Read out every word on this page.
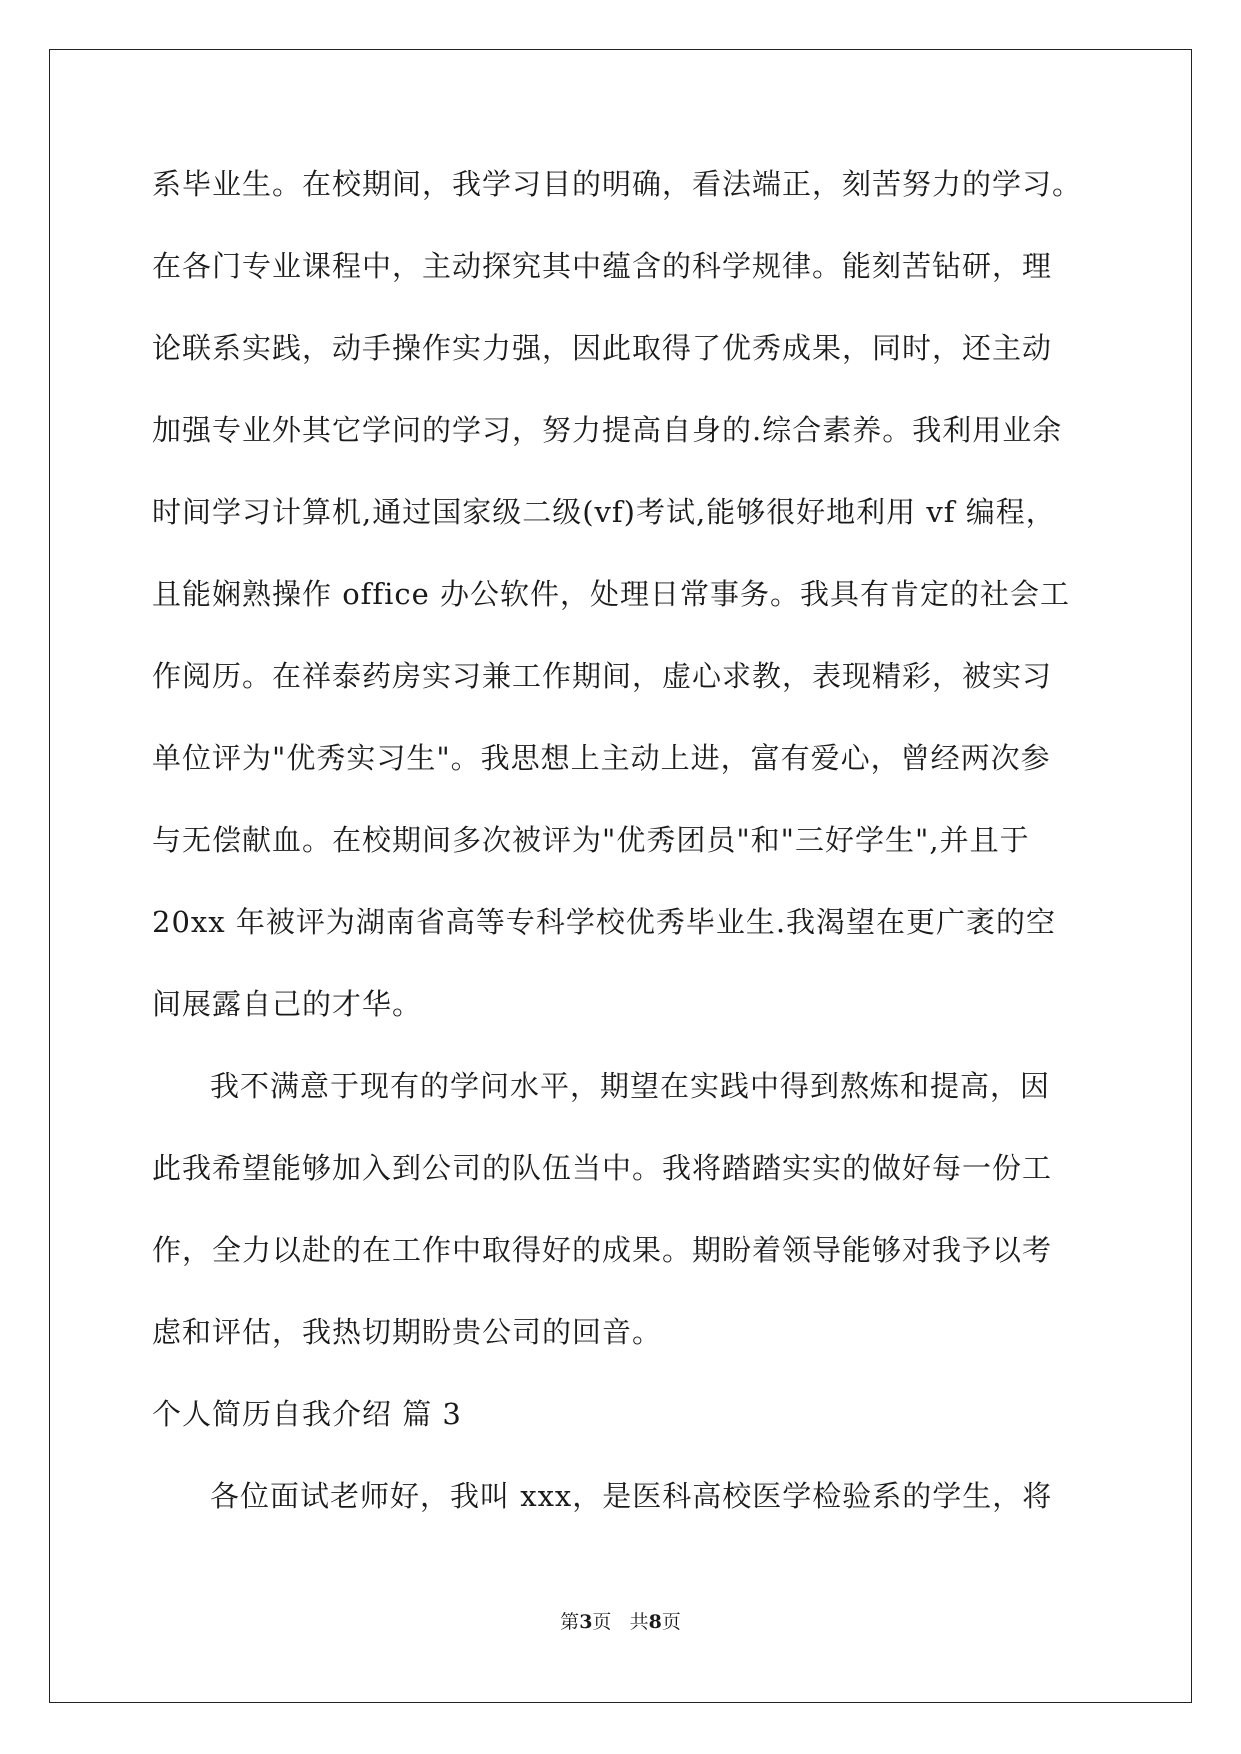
系毕业生。在校期间，我学习目的明确，看法端正，刻苦努力的学习。
在各门专业课程中，主动探究其中蕴含的科学规律。能刻苦钻研，理
论联系实践，动手操作实力强，因此取得了优秀成果，同时，还主动
加强专业外其它学问的学习，努力提高自身的.综合素养。我利用业余
时间学习计算机,通过国家级二级(vf)考试,能够很好地利用 vf 编程，
且能娴熟操作 office 办公软件，处理日常事务。我具有肯定的社会工
作阅历。在祥泰药房实习兼工作期间，虚心求教，表现精彩，被实习
单位评为"优秀实习生"。我思想上主动上进，富有爱心，曾经两次参
与无偿献血。在校期间多次被评为"优秀团员"和"三好学生",并且于
20xx 年被评为湖南省高等专科学校优秀毕业生.我渴望在更广袤的空
间展露自己的才华。
我不满意于现有的学问水平，期望在实践中得到熬炼和提高，因
此我希望能够加入到公司的队伍当中。我将踏踏实实的做好每一份工
作，全力以赴的在工作中取得好的成果。期盼着领导能够对我予以考
虑和评估，我热切期盼贵公司的回音。
个人简历自我介绍 篇 3
各位面试老师好，我叫 xxx，是医科高校医学检验系的学生，将
第3页 共8页
